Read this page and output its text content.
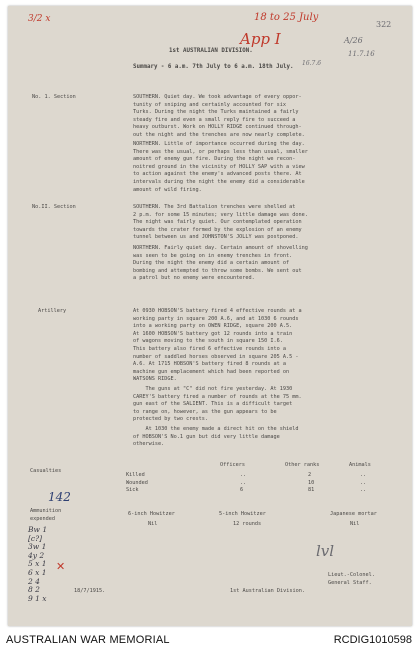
3/2 x	18 to 25 July
App I
322
A/26
11.7.16
16.7.6
1st AUSTRALIAN DIVISION.
Summary - 6 a.m. 7th July to 6 a.m. 18th July.
No. 1. Section	SOUTHERN. Quiet day. We took advantage of every oppor-
tunity of sniping and certainly accounted for six
Turks. During the night the Turks maintained a fairly
steady fire and even a small reply fire to succeed a
heavy outburst. Work on HOLLY RIDGE continued through-
out the night and the trenches are now nearly complete.
NORTHERN. Little of importance occurred during the day.
There was the usual, or perhaps less than usual, smaller
amount of enemy gun fire. During the night we recon-
noitred ground in the vicinity of HOLLY SAP with a view
to action against the enemy's advanced posts there. At
intervals during the night the enemy did a considerable
amount of wild firing.
No.II. Section	SOUTHERN. The 3rd Battalion trenches were shelled at
2 p.m. for some 15 minutes; very little damage was done.
The night was fairly quiet. Our contemplated operation
towards the crater formed by the explosion of an enemy
tunnel between us and JOHNSTON'S JOLLY was postponed.
NORTHERN. Fairly quiet day. Certain amount of shovelling
was seen to be going on in enemy trenches in front.
During the night the enemy did a certain amount of
bombing and attempted to throw some bombs. We sent out
a patrol but no enemy were encountered.
Artillery	At 0930 HOBSON'S battery fired 4 effective rounds at a
working party in square 200 A.6, and at 1030 6 rounds
into a working party on OWEN RIDGE, square 200 A.5.
At 1600 HOBSON'S battery got 12 rounds into a train
of wagons moving to the south in square 150 I.6.
This battery also fired 6 effective rounds into a
number of saddled horses observed in square 205 A.5 -
A.6. At 1715 HOBSON'S battery fired 8 rounds at a
machine gun emplacement which had been reported on
WATSONS RIDGE.
The guns at "C" did not fire yesterday. At 1930
CAREY'S battery fired a number of rounds at the 75 mm.
gun east of the SALIENT. This is a difficult target
to range on, however, as the gun appears to be
protected by two crests.
At 1030 the enemy made a direct hit on the shield
of HOBSON'S No.1 gun but did very little damage
otherwise.
Casualties
Officers	Other ranks	Animals
Killed	..	2	..
Wounded	..	10	..
Sick	6	81	..
142
Ammunition
expended
6-inch Howitzer
Nil
5-inch Howitzer
12 rounds
Japanese mortar
Nil
Bw 1
[c?]
3w 1
4y 2
5 x 1
6 x 1
2 4
8 2
9 1 x
✕
lvl
Lieut.-Colonel.
General Staff.
18/7/1915.	1st Australian Division.
AUSTRALIAN WAR MEMORIAL	RCDIG1010598
